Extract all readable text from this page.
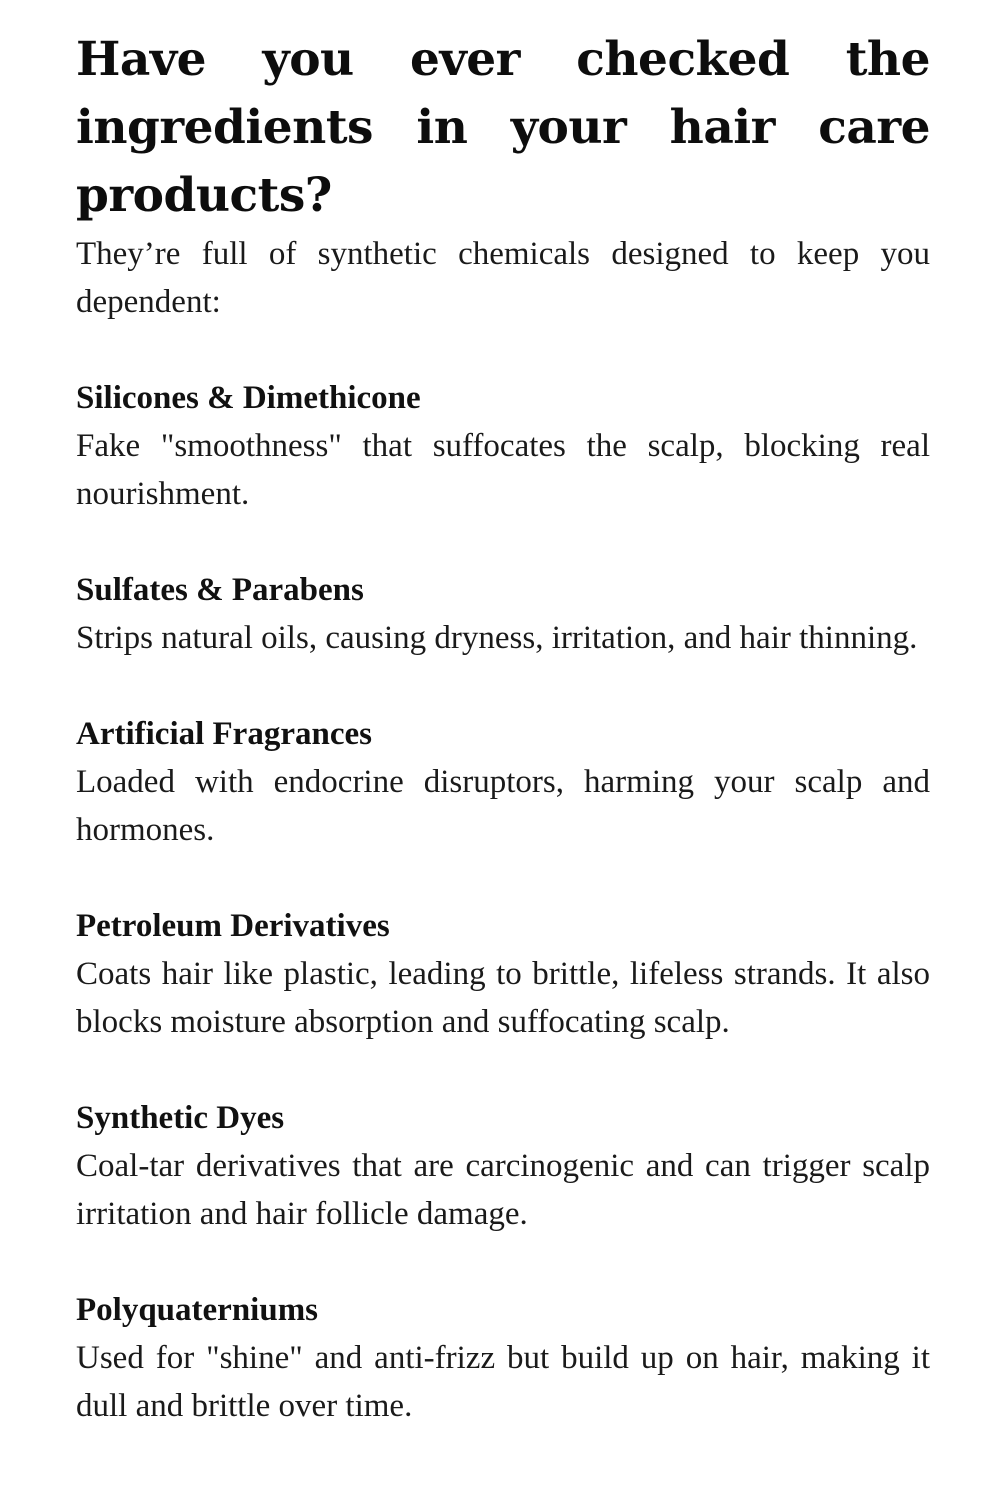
Have you ever checked the ingredients in your hair care products?

They’re full of synthetic chemicals designed to keep you dependent:

Silicones & Dimethicone

Fake "smoothness" that suffocates the scalp, blocking real nourishment.

Sulfates & Parabens

Strips natural oils, causing dryness, irritation, and hair thinning.

Artificial Fragrances

Loaded with endocrine disruptors, harming your scalp and hormones.

Petroleum Derivatives

Coats hair like plastic, leading to brittle, lifeless strands. It also blocks moisture absorption and suffocating scalp.

Synthetic Dyes

Coal-tar derivatives that are carcinogenic and can trigger scalp irritation and hair follicle damage.

Polyquaterniums

Used for "shine" and anti-frizz but build up on hair, making it dull and brittle over time.
